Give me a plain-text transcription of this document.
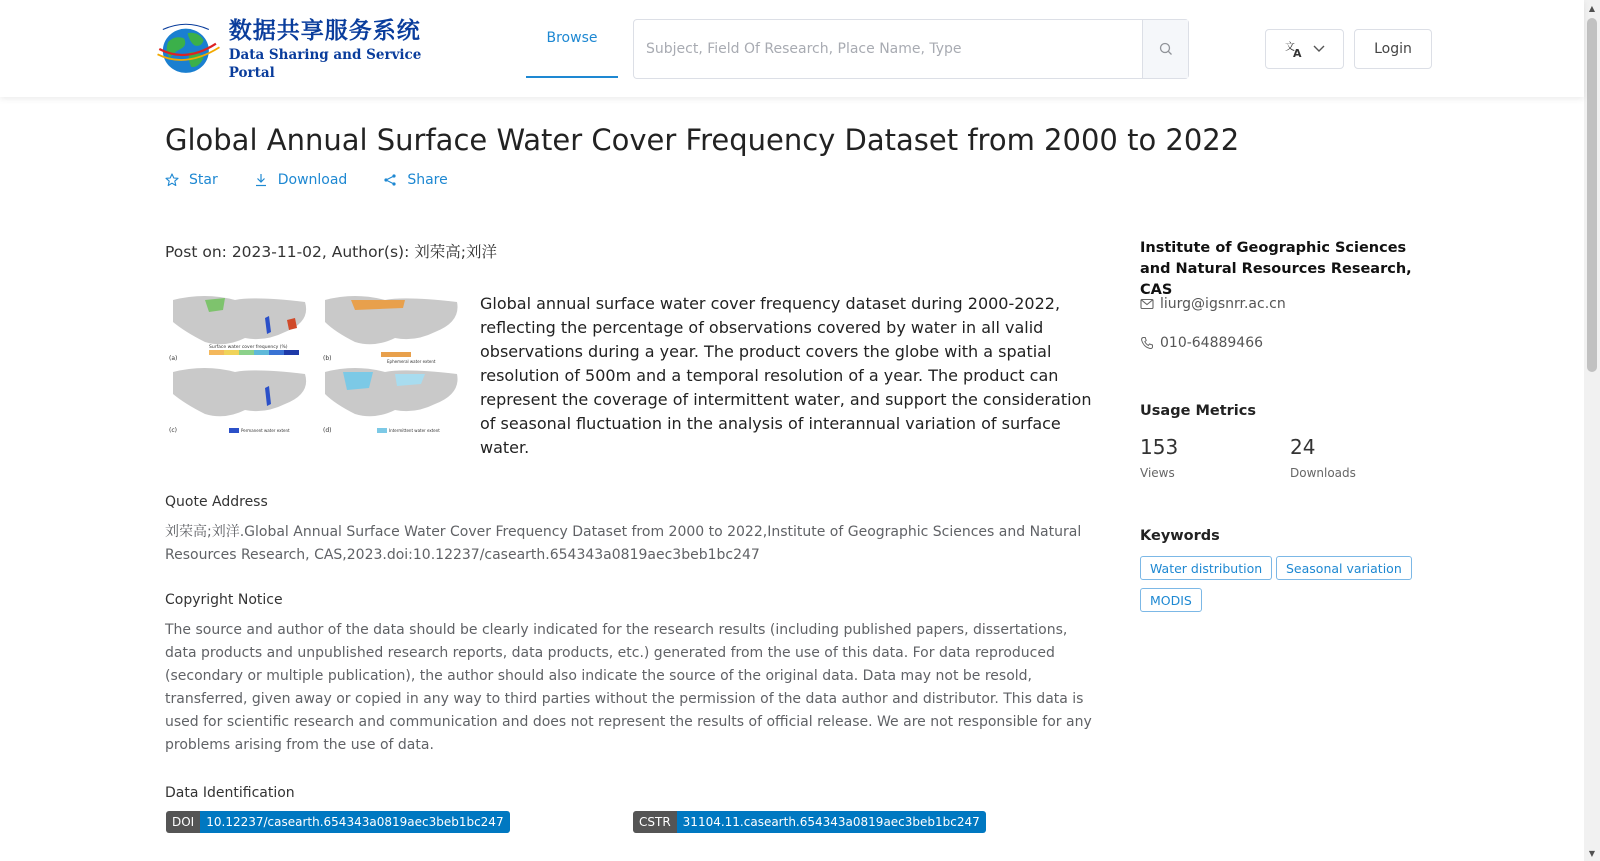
数据共享服务系统
Data Sharing and Service Portal
Browse
Subject, Field Of Research, Place Name, Type
文
A	Login
▲
▼
Global Annual Surface Water Cover Frequency Dataset from 2000 to 2022
Star	Download	Share
Post on: 2023-11-02, Author(s): 刘荣高;刘洋
(a)	(b)
(c)	(d)
Surface water cover frequency (%)
Ephemeral water extent
Permanent water extent	Intermittent water extent

Global annual surface water cover frequency dataset during 2000-2022, reflecting the percentage of observations covered by water in all valid observations during a year. The product covers the globe with a spatial resolution of 500m and a temporal resolution of a year. The product can represent the coverage of intermittent water, and support the consideration of seasonal fluctuation in the analysis of interannual variation of surface water.

Quote Address

刘荣高;刘洋.Global Annual Surface Water Cover Frequency Dataset from 2000 to 2022,Institute of Geographic Sciences and Natural Resources Research, CAS,2023.doi:10.12237/casearth.654343a0819aec3beb1bc247

Copyright Notice

The source and author of the data should be clearly indicated for the research results (including published papers, dissertations, data products and unpublished research reports, data products, etc.) generated from the use of this data. For data reproduced (secondary or multiple publication), the author should also indicate the source of the original data. Data may not be resold, transferred, given away or copied in any way to third parties without the permission of the data author and distributor. This data is used for scientific research and communication and does not represent the results of official release. We are not responsible for any problems arising from the use of data.

Data Identification
DOI	10.12237/casearth.654343a0819aec3beb1bc247	CSTR	31104.11.casearth.654343a0819aec3beb1bc247
Institute of Geographic Sciences and Natural Resources Research, CAS
liurg@igsnrr.ac.cn
010-64889466
Usage Metrics
153
Views
24
Downloads
Keywords
Water distribution	Seasonal variation
MODIS
